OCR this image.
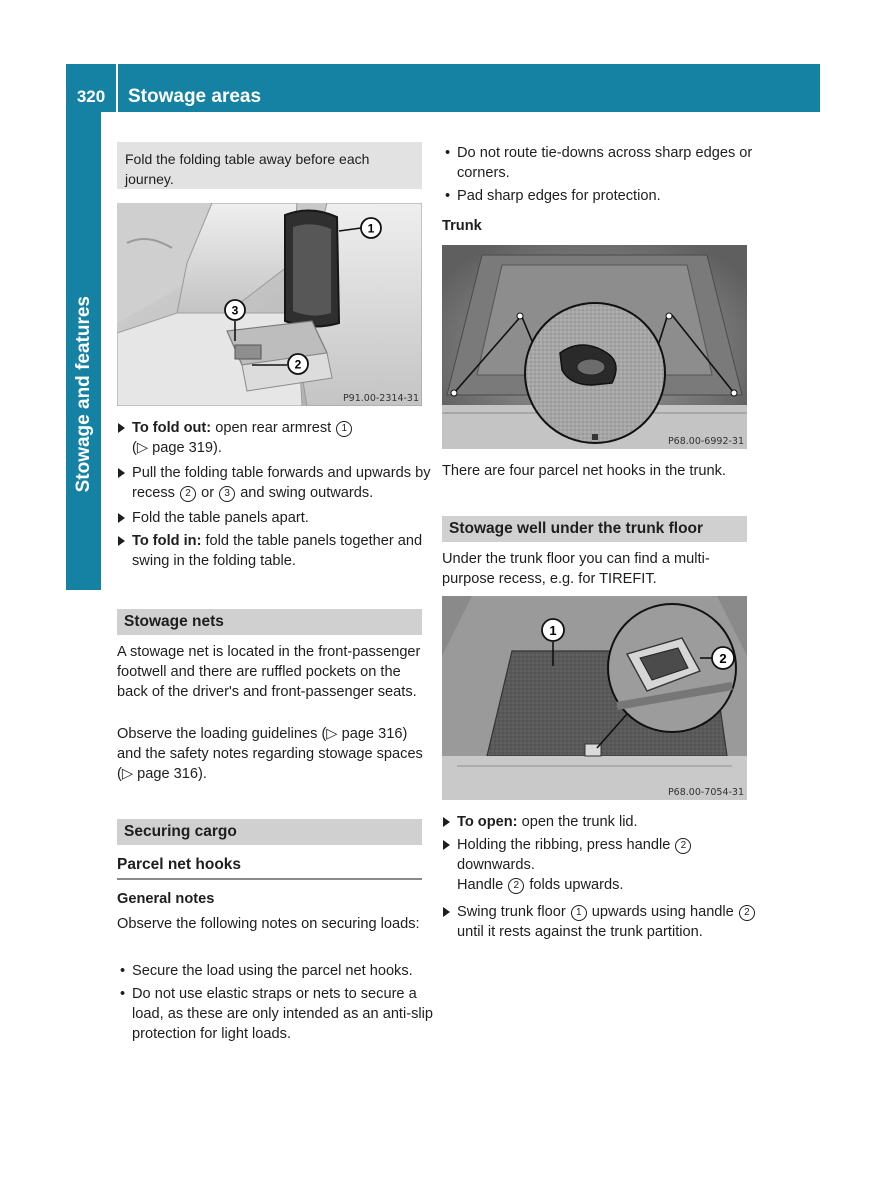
320	Stowage areas
Stowage and features
Fold the folding table away before each journey.
1
3
2
P91.00-2314-31
To fold out: open rear armrest 1
(▷ page 319).
Pull the folding table forwards and upwards by recess 2 or 3 and swing outwards.
Fold the table panels apart.
To fold in: fold the table panels together and swing in the folding table.
Stowage nets
A stowage net is located in the front-passenger footwell and there are ruffled pockets on the back of the driver's and front-passenger seats.
Observe the loading guidelines (▷ page 316) and the safety notes regarding stowage spaces (▷ page 316).
Securing cargo
Parcel net hooks
General notes
Observe the following notes on securing loads:
• Secure the load using the parcel net hooks.
• Do not use elastic straps or nets to secure a load, as these are only intended as an anti-slip protection for light loads.
• Do not route tie-downs across sharp edges or corners.
• Pad sharp edges for protection.
Trunk
P68.00-6992-31
There are four parcel net hooks in the trunk.
Stowage well under the trunk floor
Under the trunk floor you can find a multi-purpose recess, e.g. for TIREFIT.
1
2
P68.00-7054-31
To open: open the trunk lid.
Holding the ribbing, press handle 2 downwards.
Handle 2 folds upwards.
Swing trunk floor 1 upwards using handle 2 until it rests against the trunk partition.
